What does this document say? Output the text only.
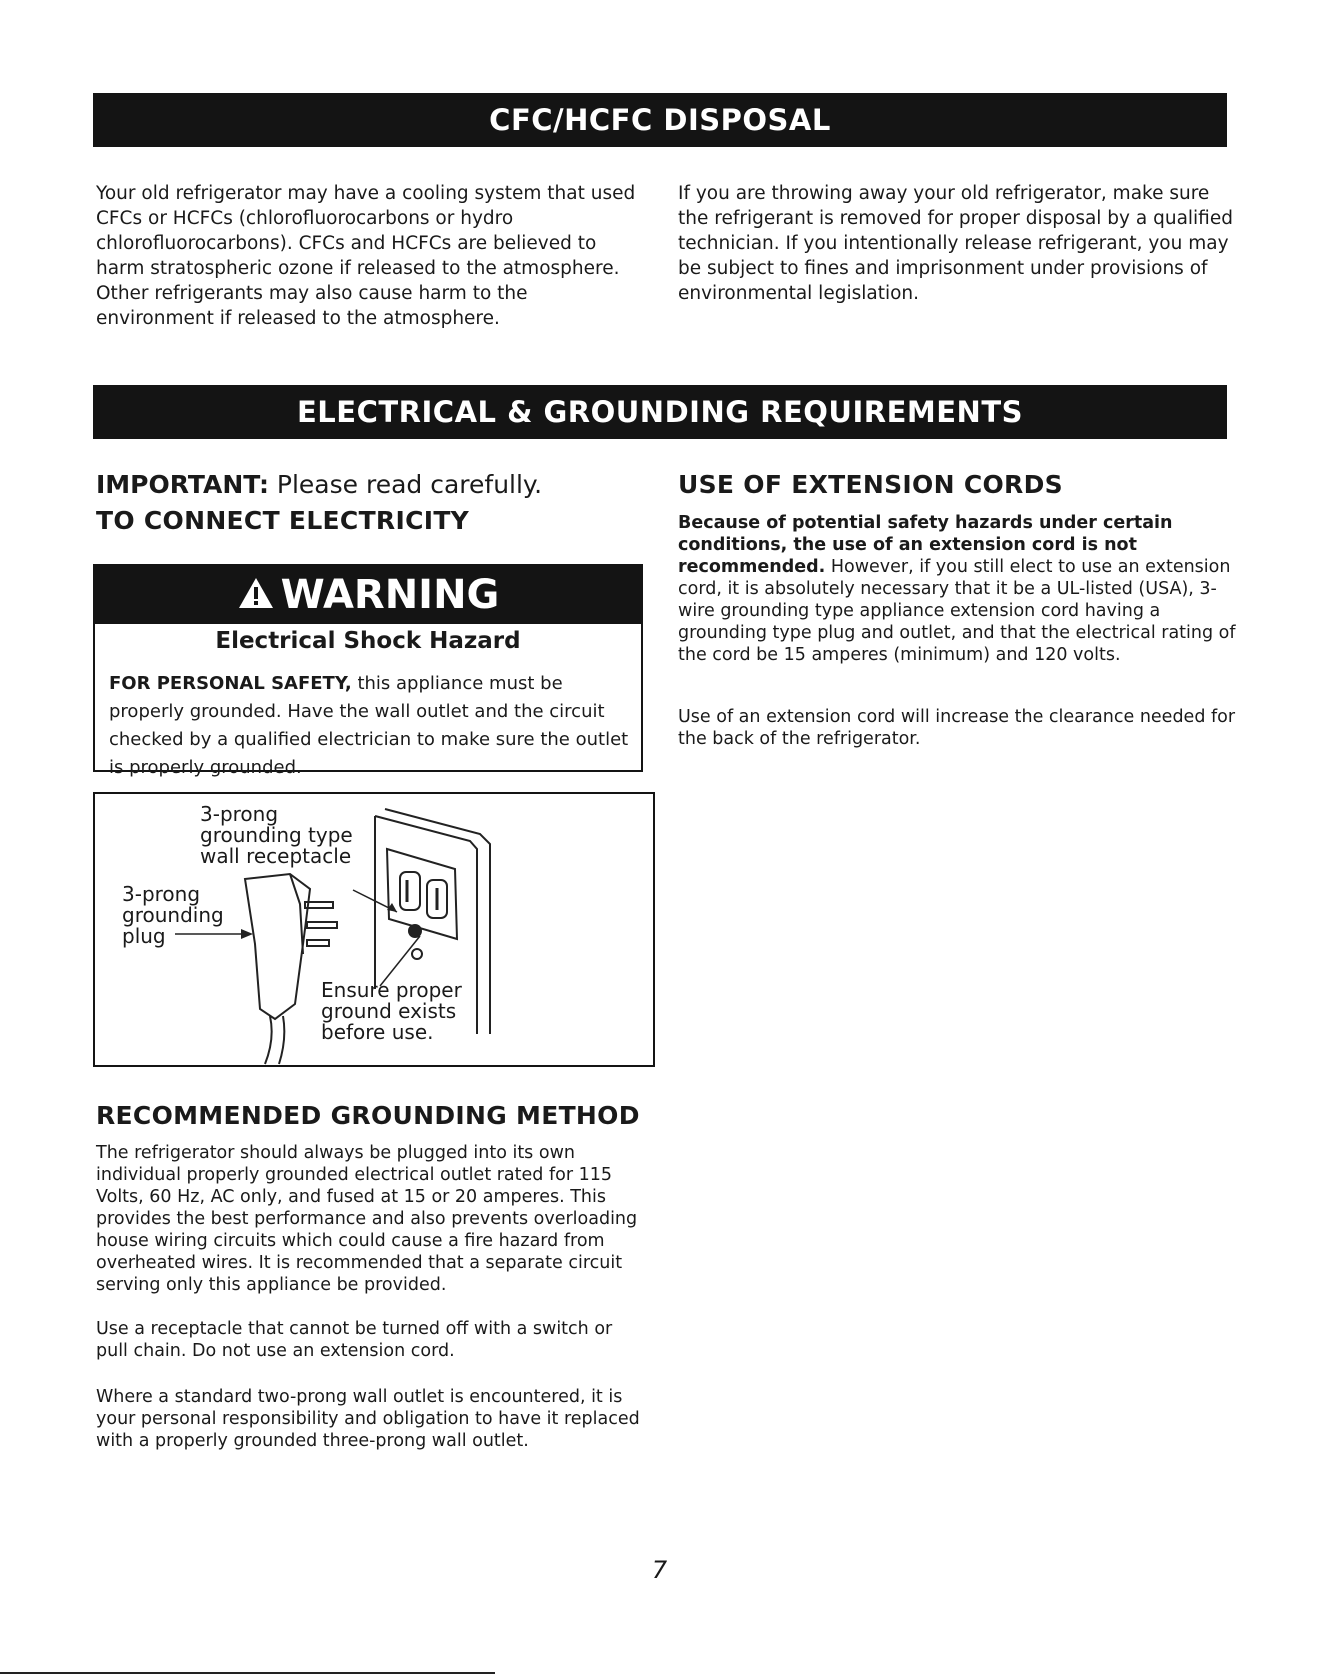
CFC/HCFC DISPOSAL

Your old refrigerator may have a cooling system that used CFCs or HCFCs (chlorofluorocarbons or hydro chlorofluorocarbons). CFCs and HCFCs are believed to harm stratospheric ozone if released to the atmosphere. Other refrigerants may also cause harm to the environment if released to the atmosphere.

If you are throwing away your old refrigerator, make sure the refrigerant is removed for proper disposal by a qualified technician. If you intentionally release refrigerant, you may be subject to fines and imprisonment under provisions of environmental legislation.

ELECTRICAL & GROUNDING REQUIREMENTS
IMPORTANT: Please read carefully.
TO CONNECT ELECTRICITY
WARNING

Electrical Shock Hazard

FOR PERSONAL SAFETY, this appliance must be properly grounded. Have the wall outlet and the circuit checked by a qualified electrician to make sure the outlet is properly grounded.

3-prong
grounding type
wall receptacle

3-prong
grounding
plug

Ensure proper
ground exists
before use.

USE OF EXTENSION CORDS

Because of potential safety hazards under certain conditions, the use of an extension cord is not recommended. However, if you still elect to use an extension cord, it is absolutely necessary that it be a UL-listed (USA), 3-wire grounding type appliance extension cord having a grounding type plug and outlet, and that the electrical rating of the cord be 15 amperes (minimum) and 120 volts.

Use of an extension cord will increase the clearance needed for the back of the refrigerator.

RECOMMENDED GROUNDING METHOD

The refrigerator should always be plugged into its own individual properly grounded electrical outlet rated for 115 Volts, 60 Hz, AC only, and fused at 15 or 20 amperes. This provides the best performance and also prevents overloading house wiring circuits which could cause a fire hazard from overheated wires. It is recommended that a separate circuit serving only this appliance be provided.

Use a receptacle that cannot be turned off with a switch or pull chain. Do not use an extension cord.

Where a standard two-prong wall outlet is encountered, it is your personal responsibility and obligation to have it replaced with a properly grounded three-prong wall outlet.

7
